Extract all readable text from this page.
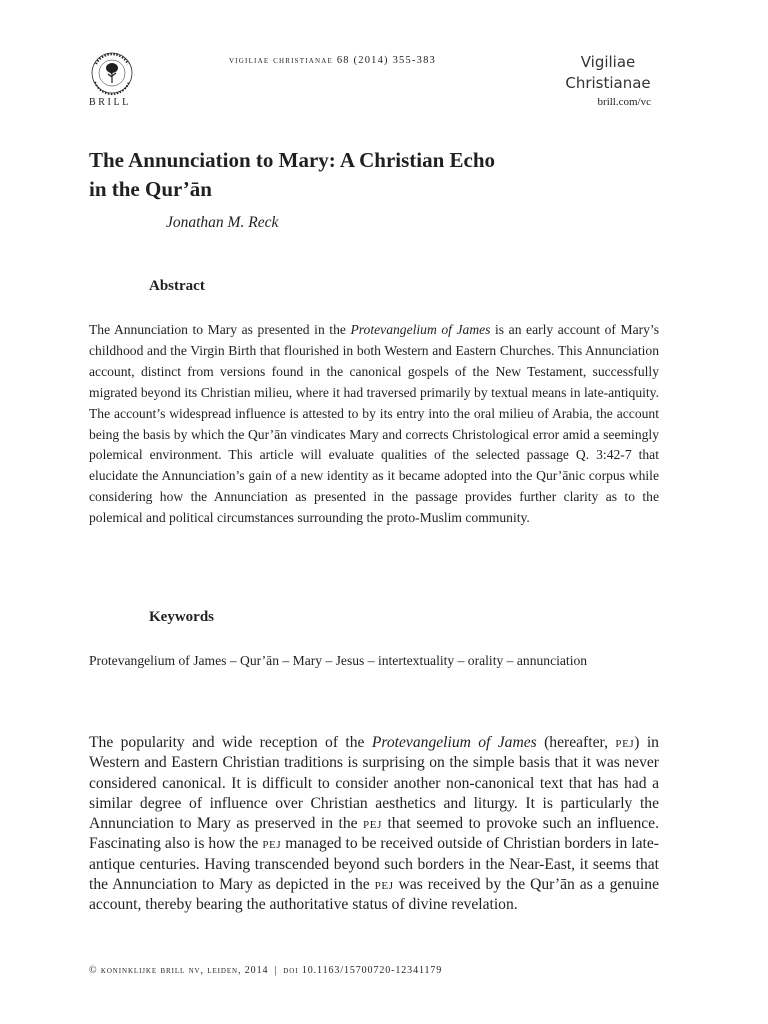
BRILL
vigiliae christianae 68 (2014) 355-383	Vigiliae
Christianae
brill.com/vc
The Annunciation to Mary: A Christian Echo
in the Qur’ān
Jonathan M. Reck
Abstract

The Annunciation to Mary as presented in the Protevangelium of James is an early account of Mary’s childhood and the Virgin Birth that flourished in both Western and Eastern Churches. This Annunciation account, distinct from versions found in the canonical gospels of the New Testament, successfully migrated beyond its Christian milieu, where it had traversed primarily by textual means in late-antiquity. The account’s widespread influence is attested to by its entry into the oral milieu of Arabia, the account being the basis by which the Qur’ān vindicates Mary and corrects Christological error amid a seemingly polemical environment. This article will evaluate qualities of the selected passage Q. 3:42-7 that elucidate the Annunciation’s gain of a new identity as it became adopted into the Qur’ānic corpus while considering how the Annunciation as presented in the passage provides further clarity as to the polemical and political circumstances surrounding the proto-Muslim community.

Keywords

Protevangelium of James – Qur’ān – Mary – Jesus – intertextuality – orality – annunciation

The popularity and wide reception of the Protevangelium of James (hereafter, pej) in Western and Eastern Christian traditions is surprising on the simple basis that it was never considered canonical. It is difficult to consider another non-canonical text that has had a similar degree of influence over Christian aesthetics and liturgy. It is particularly the Annunciation to Mary as preserved in the pej that seemed to provoke such an influence. Fascinating also is how the pej managed to be received outside of Christian borders in late-antique centuries. Having transcended beyond such borders in the Near-East, it seems that the Annunciation to Mary as depicted in the pej was received by the Qur’ān as a genuine account, thereby bearing the authoritative status of divine revelation.

© koninklijke brill nv, leiden, 2014 | doi 10.1163/15700720-12341179
